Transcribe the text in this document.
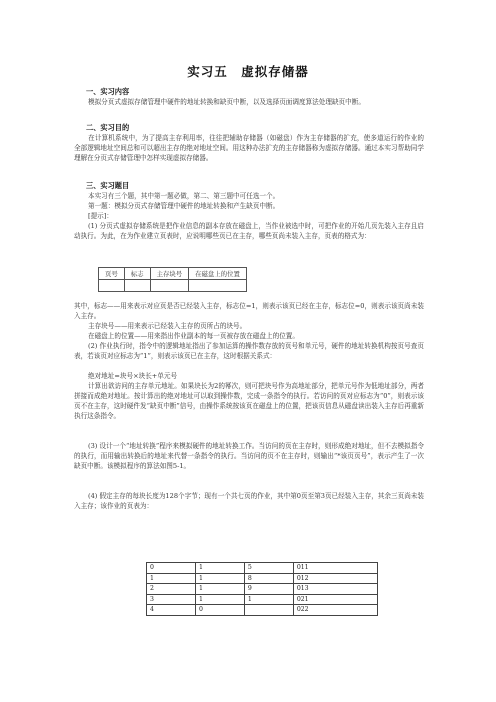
实习五　虚拟存储器
一、实习内容
模拟分页式虚拟存储管理中硬件的地址转换和缺页中断，以及选择页面调度算法处理缺页中断。
二、实习目的
在计算机系统中，为了提高主存利用率，往往把辅助存储器（如磁盘）作为主存储器的扩充，使多道运行的作业的全部逻辑地址空间总和可以超出主存的绝对地址空间。用这种办法扩充的主存储器称为虚拟存储器。通过本实习帮助同学理解在分页式存储管理中怎样实现虚拟存储器。
三、实习题目
本实习有三个题，其中第一题必做，第二、第三题中可任选一个。
第一题：模拟分页式存储管理中硬件的地址转换和产生缺页中断。
[提示]：
(1) 分页式虚拟存储系统是把作业信息的副本存放在磁盘上，当作业被选中时，可把作业的开始几页先装入主存且启动执行。为此，在为作业建立页表时，应说明哪些页已在主存，哪些页尚未装入主存，页表的格式为：
页号	标志	主存块号	在磁盘上的位置

其中，标志——用来表示对应页是否已经装入主存，标志位=1，则表示该页已经在主存，标志位=0，则表示该页尚未装入主存。
主存块号——用来表示已经装入主存的页所占的块号。
在磁盘上的位置——用来指出作业副本的每一页被存放在磁盘上的位置。
(2) 作业执行时，指令中的逻辑地址指出了参加运算的操作数存放的页号和单元号，硬件的地址转换机构按页号查页表，若该页对应标志为“1”，则表示该页已在主存，这时根据关系式：
绝对地址=块号×块长+单元号
计算出欲访问的主存单元地址。如果块长为2的幂次，则可把块号作为高地址部分，把单元号作为低地址部分，两者拼接而成绝对地址。按计算出的绝对地址可以取到操作数，完成一条指令的执行。若访问的页对应标志为“0”，则表示该页不在主存，这时硬件发“缺页中断”信号，由操作系统按该页在磁盘上的位置，把该页信息从磁盘读出装入主存后再重新执行这条指令。
(3) 设计一个“地址转换”程序来模拟硬件的地址转换工作。当访问的页在主存时，则形成绝对地址，但不去模拟指令的执行，而用输出转换后的地址来代替一条指令的执行。当访问的页不在主存时，则输出“*该页页号”，表示产生了一次缺页中断。该模拟程序的算法如图5-1。
(4) 假定主存的每块长度为128个字节；现有一个共七页的作业，其中第0页至第3页已经装入主存，其余三页尚未装入主存；该作业的页表为：
0	1	5	011
1	1	8	012
2	1	9	013
3	1	1	021
4	0		022
